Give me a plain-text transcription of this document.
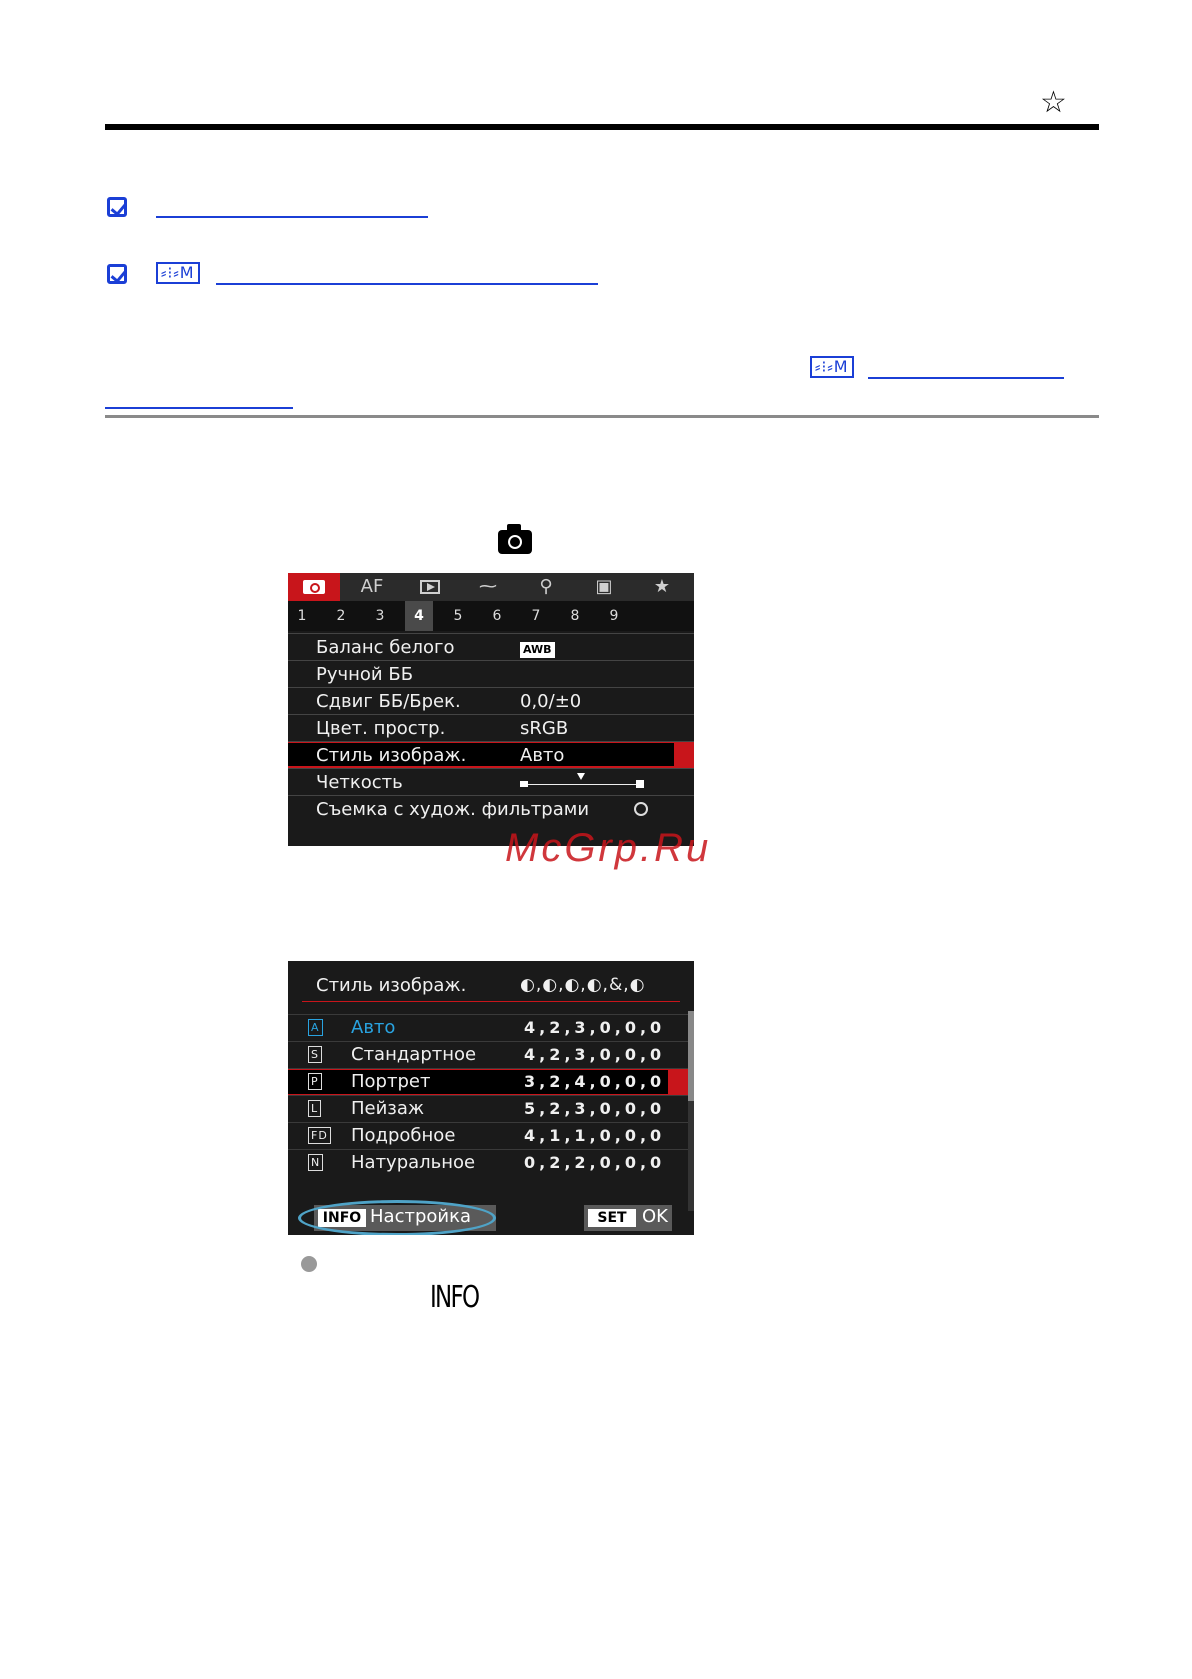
☆
⸗⁝⸗M
⸗⁝⸗M
AF	⁓	⚲	▣	★
1	2	3	4	5	6	7	8	9
Баланс белого	AWB
Ручной ББ
Сдвиг ББ/Брек.	0,0/±0
Цвет. простр.	sRGB
Стиль изображ.	Авто
Четкость
Съемка с худож. фильтрами
McGrp.Ru
Стиль изображ.	◐,◐,◐,◐,&,◐
A Авто	4,2,3,0,0,0
S Стандартное	4,2,3,0,0,0
P Портрет	3,2,4,0,0,0
L Пейзаж	5,2,3,0,0,0
FD Подробное	4,1,1,0,0,0
N Натуральное	0,2,2,0,0,0
INFO Настройка	SET OK
INFO
